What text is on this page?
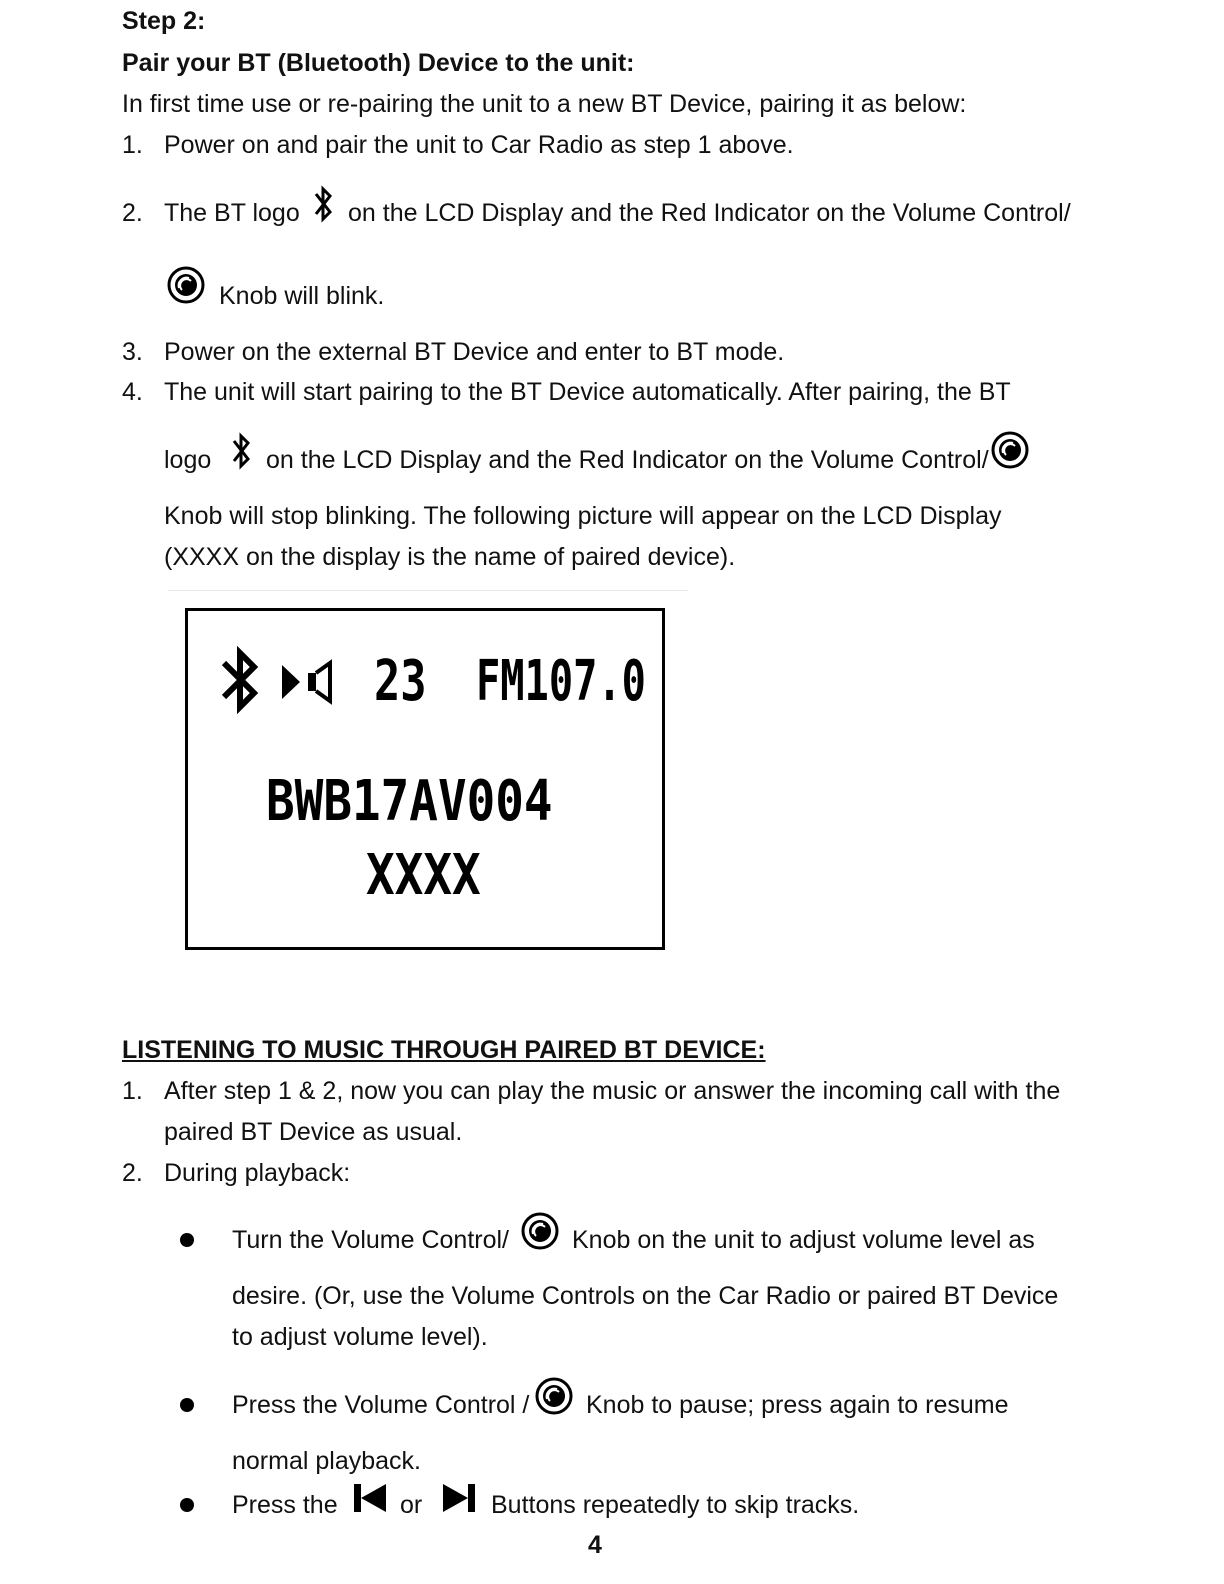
Step 2:
Pair your BT (Bluetooth) Device to the unit:
In first time use or re-pairing the unit to a new BT Device, pairing it as below:
1. Power on and pair the unit to Car Radio as step 1 above.
2. The BT logo on the LCD Display and the Red Indicator on the Volume Control/
Knob will blink.
3. Power on the external BT Device and enter to BT mode.
4. The unit will start pairing to the BT Device automatically. After pairing, the BT
logo on the LCD Display and the Red Indicator on the Volume Control/
Knob will stop blinking. The following picture will appear on the LCD Display
(XXXX on the display is the name of paired device).
23 FM107.0
BWB17AV004
XXXX
LISTENING TO MUSIC THROUGH PAIRED BT DEVICE:
1. After step 1 & 2, now you can play the music or answer the incoming call with the
paired BT Device as usual.
2. During playback:
Turn the Volume Control/	Knob on the unit to adjust volume level as
desire. (Or, use the Volume Controls on the Car Radio or paired BT Device
to adjust volume level).
Press the Volume Control / Knob to pause; press again to resume
normal playback.
Press the or	Buttons repeatedly to skip tracks.
4
